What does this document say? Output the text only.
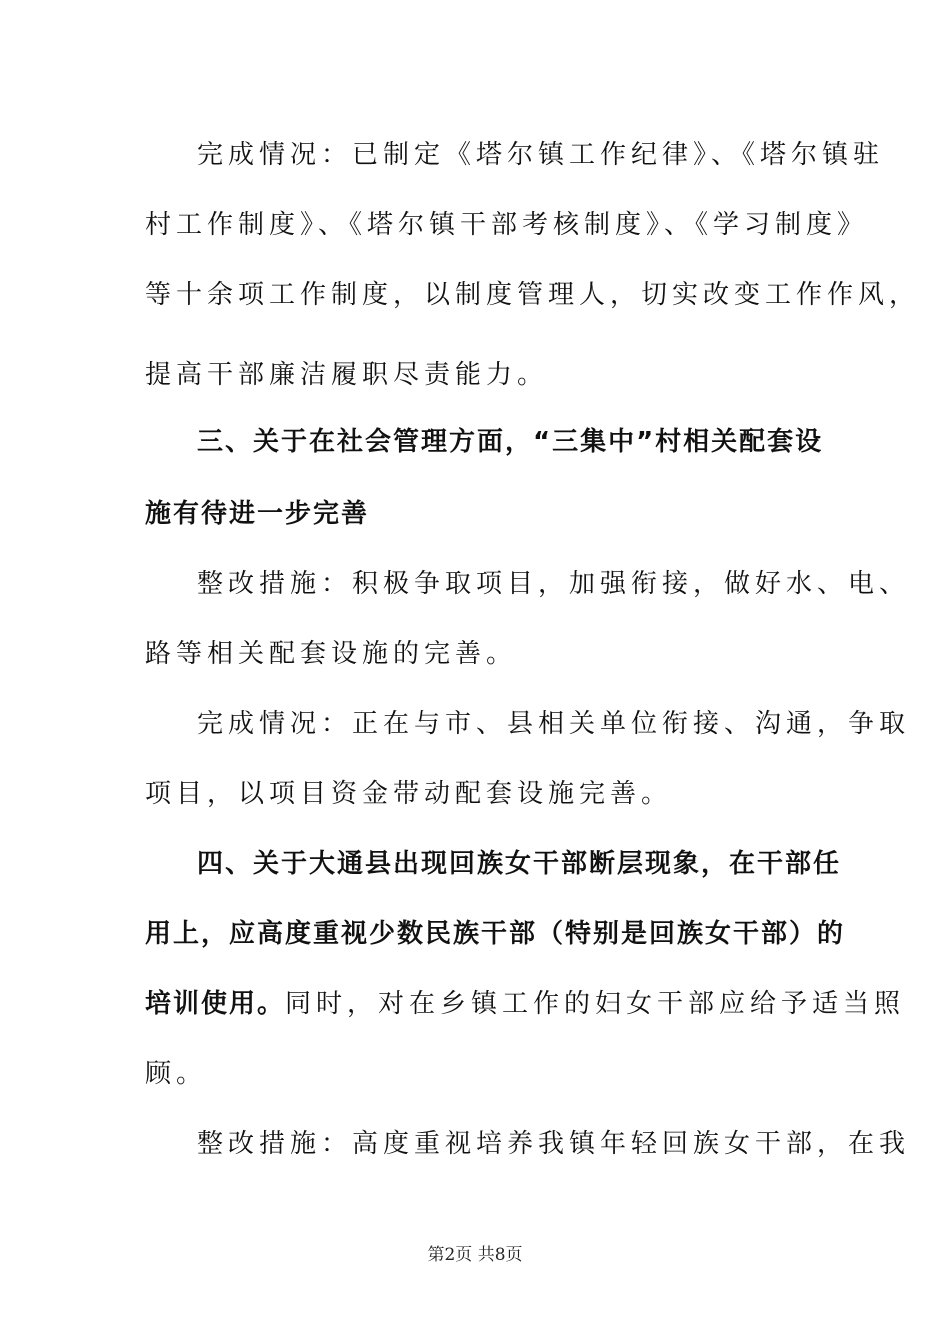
完成情况：已制定《塔尔镇工作纪律》、《塔尔镇驻
村工作制度》、《塔尔镇干部考核制度》、《学习制度》
等十余项工作制度，以制度管理人，切实改变工作作风，
提高干部廉洁履职尽责能力。
三、关于在社会管理方面，“三集中”村相关配套设
施有待进一步完善
整改措施：积极争取项目，加强衔接，做好水、电、
路等相关配套设施的完善。
完成情况：正在与市、县相关单位衔接、沟通，争取
项目，以项目资金带动配套设施完善。
四、关于大通县出现回族女干部断层现象，在干部任
用上，应高度重视少数民族干部（特别是回族女干部）的
培训使用。同时，对在乡镇工作的妇女干部应给予适当照
顾。
整改措施：高度重视培养我镇年轻回族女干部，在我
第2页 共8页
